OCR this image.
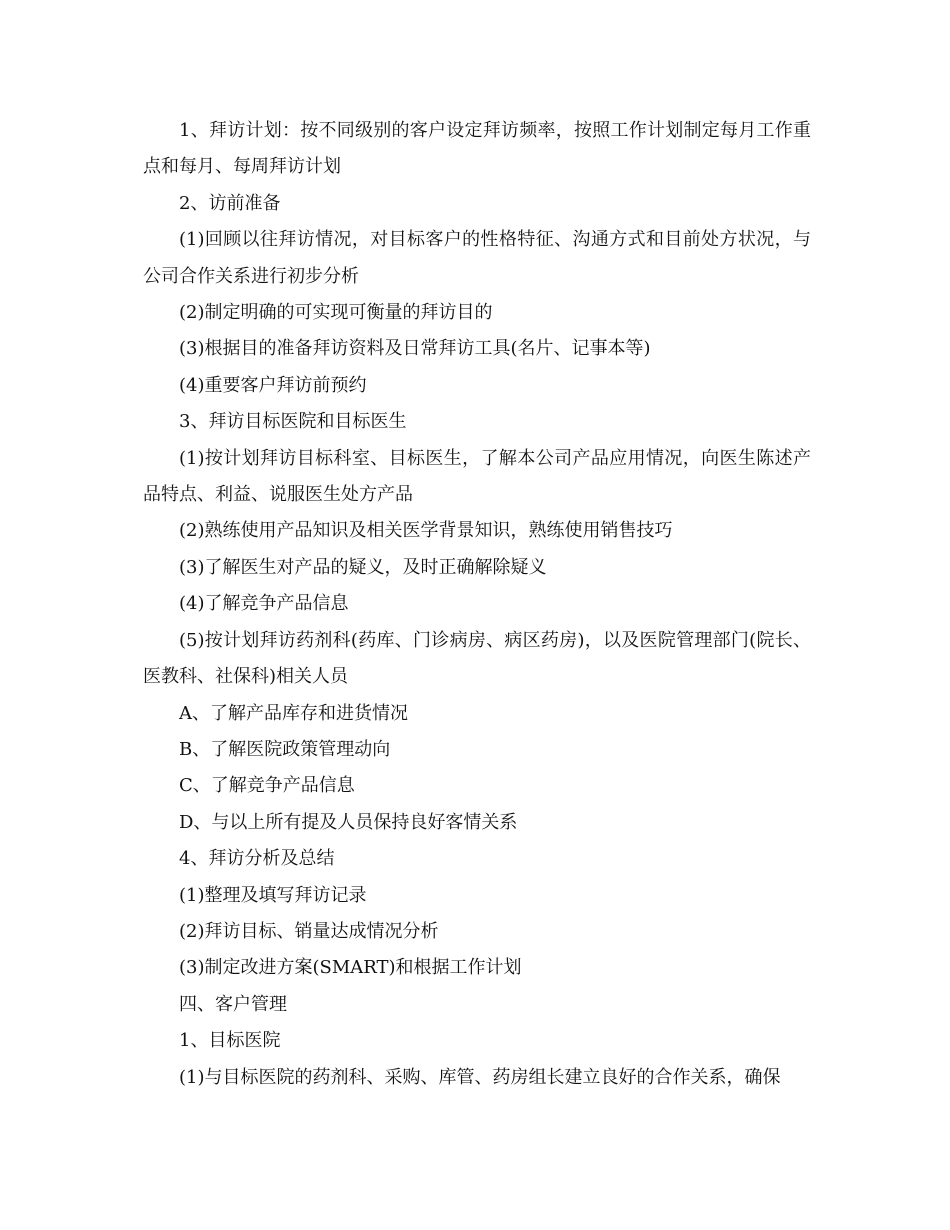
1、拜访计划：按不同级别的客户设定拜访频率，按照工作计划制定每月工作重点和每月、每周拜访计划

2、访前准备

(1)回顾以往拜访情况，对目标客户的性格特征、沟通方式和目前处方状况，与公司合作关系进行初步分析

(2)制定明确的可实现可衡量的拜访目的

(3)根据目的准备拜访资料及日常拜访工具(名片、记事本等)

(4)重要客户拜访前预约

3、拜访目标医院和目标医生

(1)按计划拜访目标科室、目标医生，了解本公司产品应用情况，向医生陈述产品特点、利益、说服医生处方产品

(2)熟练使用产品知识及相关医学背景知识，熟练使用销售技巧

(3)了解医生对产品的疑义，及时正确解除疑义

(4)了解竞争产品信息

(5)按计划拜访药剂科(药库、门诊病房、病区药房)，以及医院管理部门(院长、医教科、社保科)相关人员

A、了解产品库存和进货情况

B、了解医院政策管理动向

C、了解竞争产品信息

D、与以上所有提及人员保持良好客情关系

4、拜访分析及总结

(1)整理及填写拜访记录

(2)拜访目标、销量达成情况分析

(3)制定改进方案(SMART)和根据工作计划

四、客户管理

1、目标医院

(1)与目标医院的药剂科、采购、库管、药房组长建立良好的合作关系，确保
